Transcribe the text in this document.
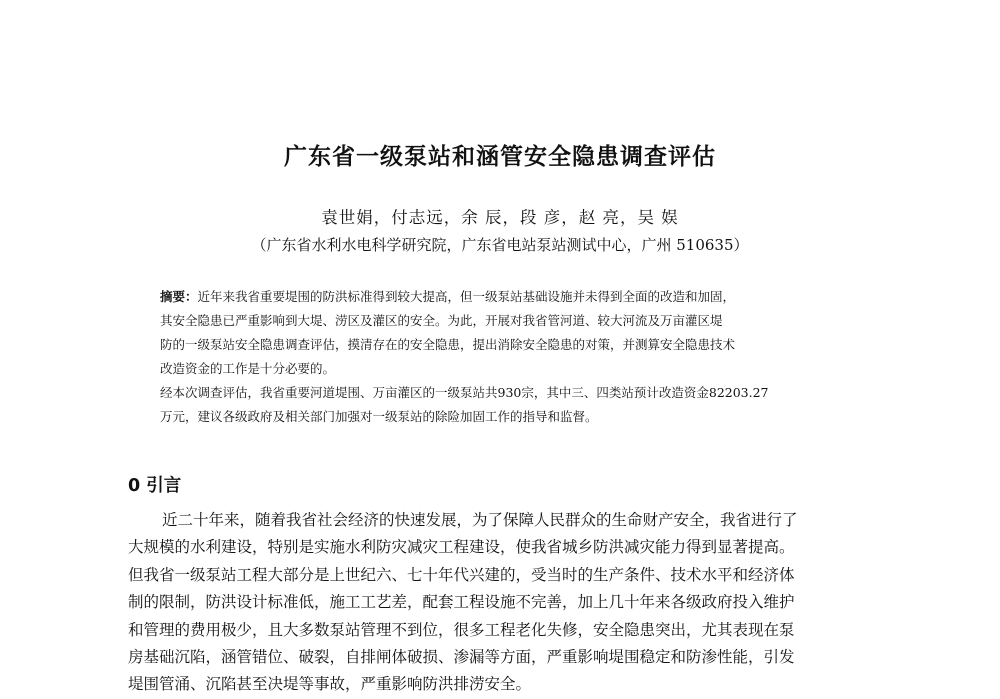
广东省一级泵站和涵管安全隐患调查评估
袁世娟，付志远，余 辰，段 彦，赵 亮，吴 娱
（广东省水利水电科学研究院，广东省电站泵站测试中心，广州 510635）
摘要：近年来我省重要堤围的防洪标准得到较大提高，但一级泵站基础设施并未得到全面的改造和加固，
其安全隐患已严重影响到大堤、涝区及灌区的安全。为此，开展对我省管河道、较大河流及万亩灌区堤
防的一级泵站安全隐患调查评估，摸清存在的安全隐患，提出消除安全隐患的对策，并测算安全隐患技术
改造资金的工作是十分必要的。
经本次调查评估，我省重要河道堤围、万亩灌区的一级泵站共930宗，其中三、四类站预计改造资金82203.27
万元，建议各级政府及相关部门加强对一级泵站的除险加固工作的指导和监督。
0 引言
近二十年来，随着我省社会经济的快速发展，为了保障人民群众的生命财产安全，我省进行了
大规模的水利建设，特别是实施水利防灾减灾工程建设，使我省城乡防洪减灾能力得到显著提高。
但我省一级泵站工程大部分是上世纪六、七十年代兴建的，受当时的生产条件、技术水平和经济体
制的限制，防洪设计标准低，施工工艺差，配套工程设施不完善，加上几十年来各级政府投入维护
和管理的费用极少，且大多数泵站管理不到位，很多工程老化失修，安全隐患突出，尤其表现在泵
房基础沉陷，涵管错位、破裂，自排闸体破损、渗漏等方面，严重影响堤围稳定和防渗性能，引发
堤围管涌、沉陷甚至决堤等事故，严重影响防洪排涝安全。
